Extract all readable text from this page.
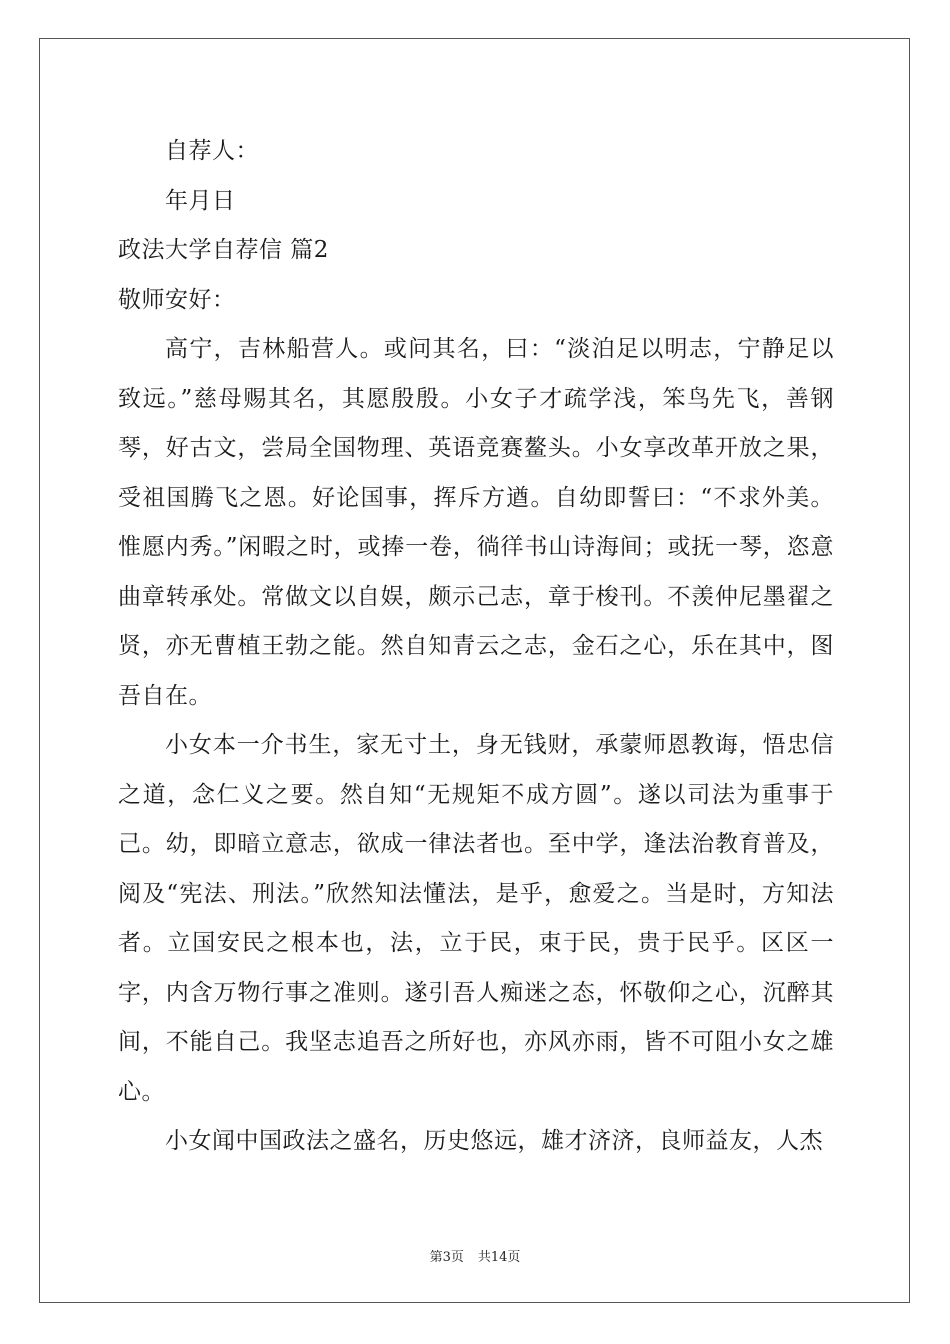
自荐人：
年月日
政法大学自荐信 篇2
敬师安好：

高宁，吉林船营人。或问其名，曰：“淡泊足以明志，宁静足以致远。”慈母赐其名，其愿殷殷。小女子才疏学浅，笨鸟先飞，善钢琴，好古文，尝局全国物理、英语竞赛鳌头。小女享改革开放之果，受祖国腾飞之恩。好论国事，挥斥方遒。自幼即誓曰：“不求外美。惟愿内秀。”闲暇之时，或捧一卷，徜徉书山诗海间；或抚一琴，恣意曲章转承处。常做文以自娱，颇示己志，章于梭刊。不羡仲尼墨翟之贤，亦无曹植王勃之能。然自知青云之志，金石之心，乐在其中，图吾自在。

小女本一介书生，家无寸土，身无钱财，承蒙师恩教诲，悟忠信之道，念仁义之要。然自知“无规矩不成方圆”。遂以司法为重事于己。幼，即暗立意志，欲成一律法者也。至中学，逢法治教育普及，阅及“宪法、刑法。”欣然知法懂法，是乎，愈爱之。当是时，方知法者。立国安民之根本也，法，立于民，束于民，贵于民乎。区区一字，内含万物行事之准则。遂引吾人痴迷之态，怀敬仰之心，沉醉其间，不能自己。我坚志追吾之所好也，亦风亦雨，皆不可阻小女之雄心。

小女闻中国政法之盛名，历史悠远，雄才济济，良师益友，人杰

第3页 共14页
